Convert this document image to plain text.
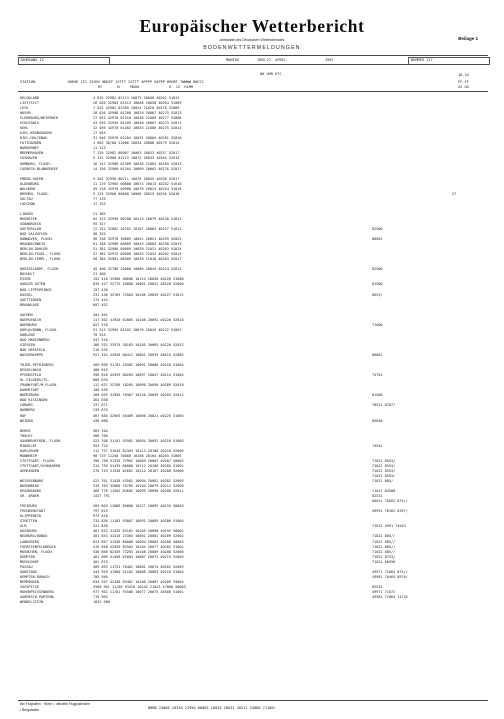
Europäischer Wetterbericht
Amtsblatt des Deutschen Wetterdienstes
BODENWETTERMELDUNGEN
Beilage 1
JAHRGANG 12	MONTAG	DEN 27. APRIL	1987	NUMMER 117
00 UHR UTC
STATION               HOEHE III IIHVV NDDFF 1STTT 2STTT 4PPPP 5APPP 6RRRT 7WWWW 8NCCC
KY       N     MOOO              R  12  HLMH
18-24
FF-FF
XX OX
HELGOLAND	4 015 32982 01113 10075 20048 40262 51013
LIST/SYLT	26 020 32984 01513 10068 20058 40264 51009
LECK	7 022 42982 01305 10024 21020 40278 52009
HUSUM	28 026 42980 01208 10029 20007 40275 52013
FLENSBURG/WEIERWIK	27 033 42970 01310 10038 21009 40277 52008
SCHLESWIG	43 035 32945 01105 10040 20007 40273 52011
KEHL	12 036 42970 01402 10033 21006 40275 52014
KIEL-KRONSHAGEN	17 045
KIEL-HOLTENAU	31 046 32970 01204 10031 20004 40281 52010
FUTTGARDEN	1 063 36/60 11606 10034 20006 40279 52014
NORDERNEY	11 113
BREMERHAVEN	7 129 32982 00907 10063 20033 40257 52017
CUXHAVEN	5 131 32968 01215 10072 20033 40264 52015
HAMBURG, FLUGH.	16 147 32980 01309 10036 21003 40269 52013
LUEBECK-BLANKENSEE	14 156 32960 01204 10009 20002 40276 52017
EMDEN-HAFEN	5 202 32958 00711 10076 20045 40250 52017
OLDENBURG	11 219 32965 00808 10074 20013 40252 51018
WALHORN	49 218 42970 00908 10078 20024 40254 51018
BREMEN, FLUGH.	5 224 32960 00808 10060 20015 40256 52018
SOLTAU	77 235
LUECHOW	17 253
LINGEN	21 305
MUENSTER	62 313 32958 00706 10113 20079 40230 51012
OSNABRUECK	95 317
GUETERSLOH	72 322 32862 20703 10107 20065 40237 51011	82500
BAD SALZUFLEN	98 325
HANNOVER, FLUGH.	56 338 32970 30809 10051 20021 40259 52023	80001
BRAUNSCHWEIG	81 348 32980 00809 10045 20002 40258 52019
BERLIN-DAHLEM	51 381 32980 00609 10039 21031 40263 52014
BERLIN-TEGEL, FLUGH.	37 382 32975 00506 10033 21032 40262 52015
BERLIN-TEMPL, FLUGH.	50 384 32981 00509 10030 21018 40263 52017
DUESSELDORF, FLUGH.	45 400 32780 20000 10086 20045 40224 52012	82500
BOCHOLT	21 406
ESSEN	152 410 32980 00606 10114 20050 40226 51008
HAHLER ASTEN	839 427 32775 10808 10061 20041 48520 52006	81500
BAD LIPPSPRINGE	157 430
KASSEL	231 438 32765 73503 10106 20059 40227 51012	8653/
GOETTINGEN	175 444
BRAUNLAGE	607 452
AACHEN	202 501
NOERVENICH	117 502 41920 02805 10108 20092 40226 52018
NUERBURG	627 510	71000
KOELN/BONN, FLUGH.	91 513 32965 01102 10076 20045 40222 51007
KOBLENZ	70 515
BAD MARIENBERG	547 516
GIESSEN	186 532 32975 30103 10105 20065 40220 52012
BAD HERSFELD	210 535
WASSERKUPPE	921 544 32958 00411 10061 20039 48515 52005	80001
TRIER-PETRISBERG	265 609 31/02 10302 10091 20088 40218 51004
DEUSELBACH	480 615
PFERDSFELD	396 626 42959 00203 10097 20047 40214 51004	74742
HL.FILDERS/TS.	805 635
FRANKFURT/M.FLUGH.	111 637 32768 10205 10096 20056 40209 52010
DARMSTADT	108 639
WUERZBURG	268 655 31956 70307 10120 20059 40204 52012	81500
BAD KISSINGEN	262 658
COBURG	337 671	70511 8707/
BAMBERG	239 675
HOF	567 685 32965 50409 10066 20021 40225 51005
WEIDEN	438 688	85030
BERUS	363 704
THOLEY	386 706
SAARBRUECKEN, FLUGH.	322 708 31/01 92902 10094 20092 40210 51005
MINSELBT	553 724	74542
KARLSRUHE	112 727 31645 82303 10113 20108 40210 52006
MANNHEIM	96 729 11250 70000 10108 20104 40203 51005
STUTTGART, FLUGH.	396 738 31335 72902 10089 20081 40207 50003	71022 8553/
STUTTGART/SCHNARREN	314 739 31435 80000 10112 20108 40205 51001	71022 8553/
OEHRINGEN	276 743 31530 82601 10114 20107 40208 52006	71022 8553/
71022 8553/
WEISSENBURG	422 761 31430 43502 10094 20081 40202 52005	71022 885/
NUERNBERG	319 763 32660 70705 10104 20079 40212 52009
REGENSBURG	366 776 11562 83602 10099 20090 40206 52011	71011 84500
GR. ARBER	1437 791	82532
60011 70262 875//
FREIBURG	269 803 11666 80000 10127 20099 40194 50003
FREUDENSTADT	797 815	49991 70162 8357/
KLIPPENECK	973 818
STOETTEN	734 836 11103 93007 10091 20089 40206 51004
ULM	522 838	71022 4991 74543
AUGSBURG	461 852 31435 83101 10109 20098 40195 50002
NEUBURG/DONAU	381 853 41518 23303 10081 20062 40209 52002	71022 885//
LANDSBERG	623 857 41556 80000 10094 20084 40208 50003	71022 885//
FUERSTENFELDBRUCK	519 858 42559 82502 10104 20077 40202 51001	71022 885//
MUENCHEN, FLUGH.	530 866 82459 73203 10108 20089 40208 52006	71022 885//
KEMPTEN	462 869 41456 62803 10087 20072 40215 52005	71022 8753/
MUEHLDORF	401 875	71022 86550
PASSAU	409 893 11725 70401 10082 20074 40202 52009
KONSTANZ	443 929 41960 51102 10088 20083 40210 51004	49971 71064 875//
KEMPTEN-DURACH	705 946	49981 70464 8570/
MEMMINGEN	634 947 42458 83401 10100 20087 40209 53004
ZUGSPITZE	2960 961 11/00 93410 10242 21043 47066 58003	82532
HOHENPEISSENBERG	977 962 11/01 93506 10077 20075 48506 51001	49971 71072
GARMISCH-PARTENK.	719 963	49981 71064 74742
WENDELSTEIN	1832 980
27
Bei Flughäfen : Höhe = offizielle Flugplatzhöhe
• Bergstation	BBBB 23006 10338 21950 00863 10035 20031 40211 54000 71100=
